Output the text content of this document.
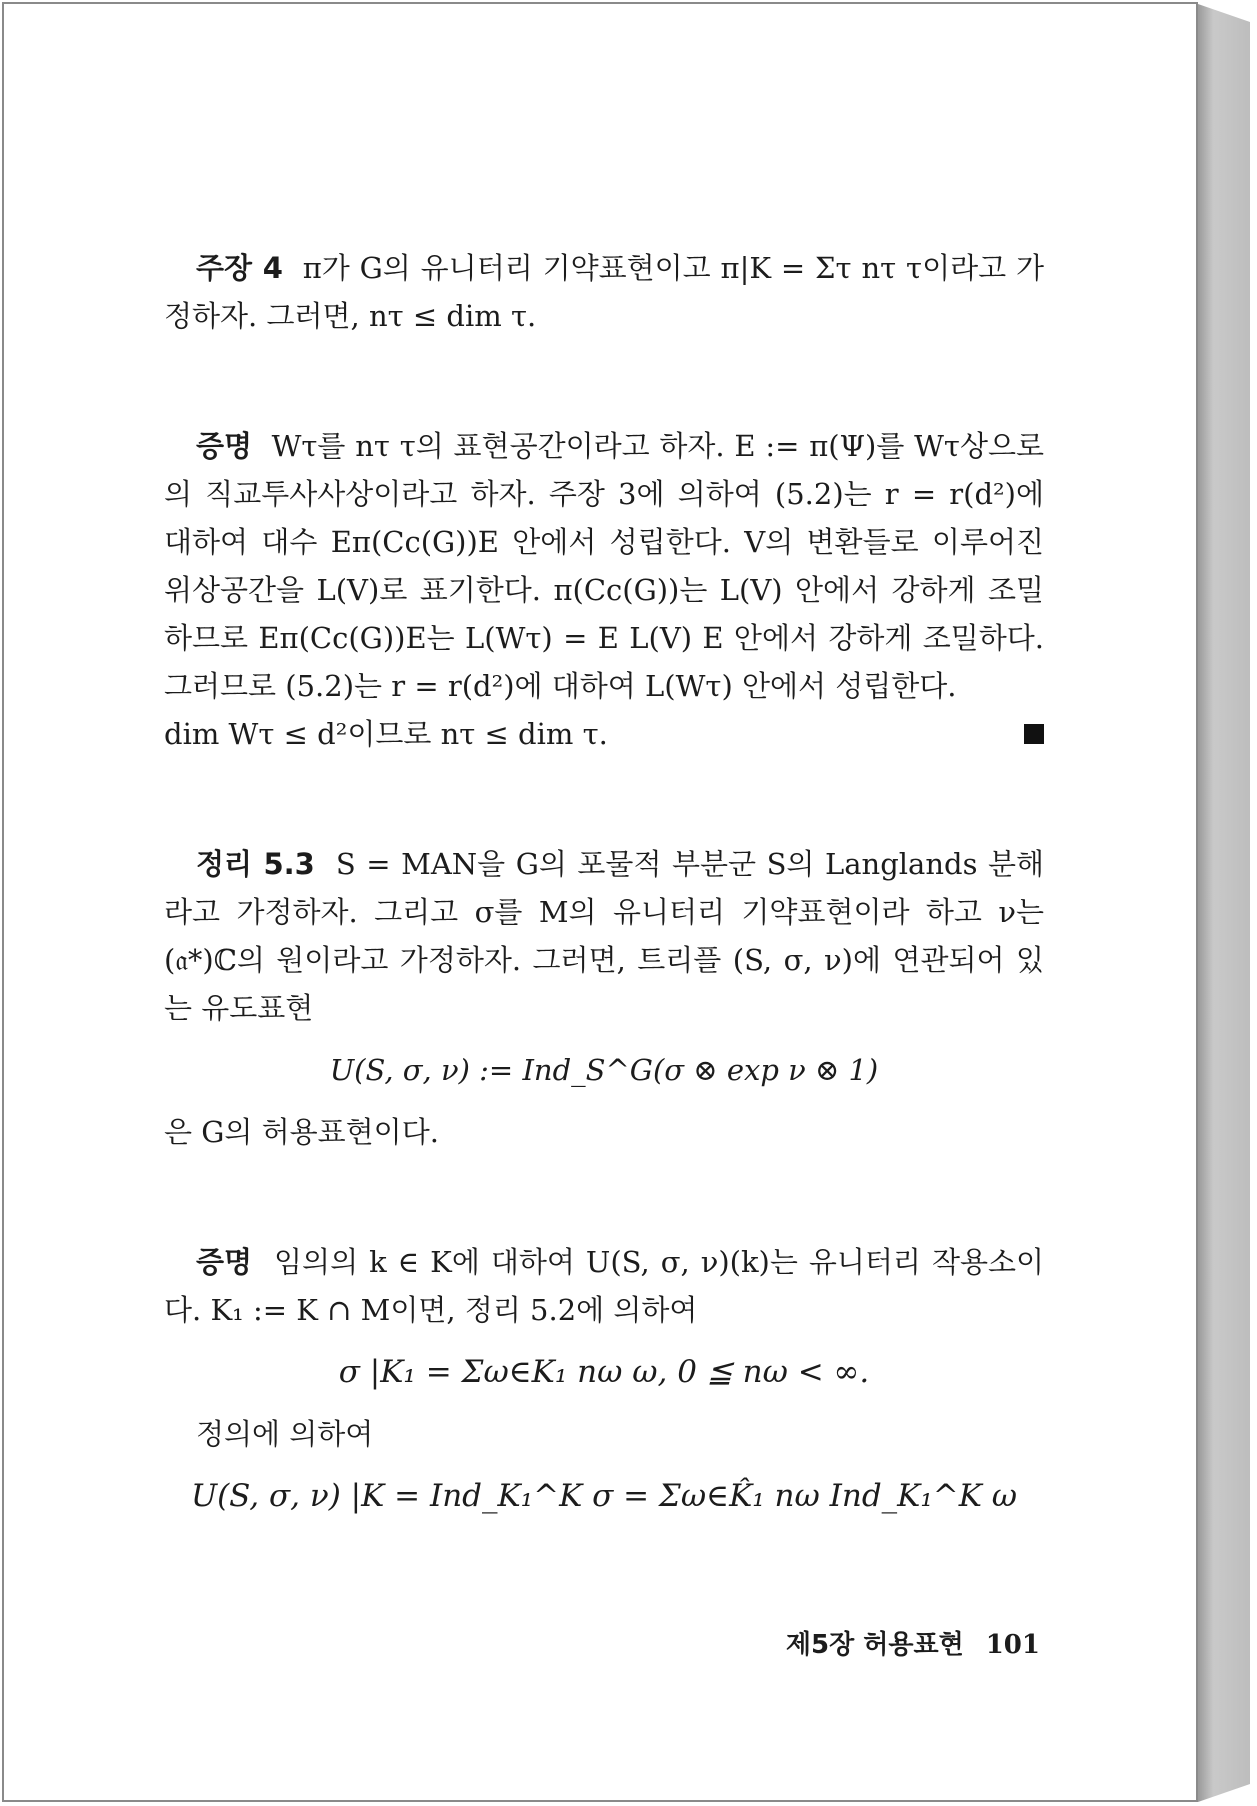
주장 4 π가 G의 유니터리 기약표현이고 π|K = Στ nτ τ이라고 가정하자. 그러면, nτ ≤ dim τ.

증명 Wτ를 nτ τ의 표현공간이라고 하자. E := π(Ψ)를 Wτ상으로의 직교투사사상이라고 하자. 주장 3에 의하여 (5.2)는 r = r(d²)에 대하여 대수 Eπ(Cc(G))E 안에서 성립한다. V의 변환들로 이루어진 위상공간을 L(V)로 표기한다. π(Cc(G))는 L(V) 안에서 강하게 조밀하므로 Eπ(Cc(G))E는 L(Wτ) = E L(V) E 안에서 강하게 조밀하다. 그러므로 (5.2)는 r = r(d²)에 대하여 L(Wτ) 안에서 성립한다.

dim Wτ ≤ d²이므로 nτ ≤ dim τ.

정리 5.3 S = MAN을 G의 포물적 부분군 S의 Langlands 분해라고 가정하자. 그리고 σ를 M의 유니터리 기약표현이라 하고 ν는 (𝔞*)ℂ의 원이라고 가정하자. 그러면, 트리플 (S, σ, ν)에 연관되어 있는 유도표현

U(S, σ, ν) := Ind_S^G(σ ⊗ exp ν ⊗ 1)

은 G의 허용표현이다.

증명 임의의 k ∈ K에 대하여 U(S, σ, ν)(k)는 유니터리 작용소이다. K₁ := K ∩ M이면, 정리 5.2에 의하여

σ |K₁ = Σω∈K₁ nω ω, 0 ≦ nω < ∞.

정의에 의하여

U(S, σ, ν) |K = Ind_K₁^K σ = Σω∈K̂₁ nω Ind_K₁^K ω
제5장 허용표현 101
